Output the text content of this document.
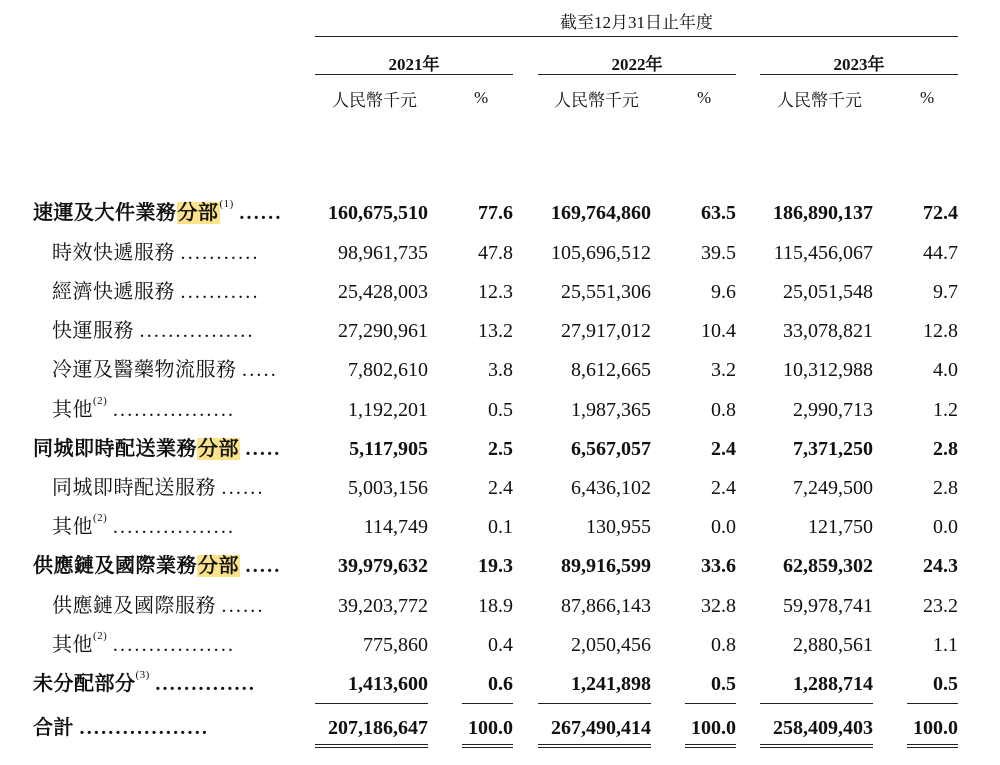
截至12月31日止年度
2021年	2022年	2023年
人民幣千元	%	人民幣千元	%	人民幣千元	%
速運及大件業務分部$^{(1)}$ ......	160,675,510	77.6	169,764,860	63.5	186,890,137	72.4
時效快遞服務 ...........	98,961,735	47.8	105,696,512	39.5	115,456,067	44.7
經濟快遞服務 ...........	25,428,003	12.3	25,551,306	9.6	25,051,548	9.7
快運服務 ................	27,290,961	13.2	27,917,012	10.4	33,078,821	12.8
冷運及醫藥物流服務 .....	7,802,610	3.8	8,612,665	3.2	10,312,988	4.0
其他$^{(2)}$ .................	1,192,201	0.5	1,987,365	0.8	2,990,713	1.2
同城即時配送業務分部 .....	5,117,905	2.5	6,567,057	2.4	7,371,250	2.8
同城即時配送服務 ......	5,003,156	2.4	6,436,102	2.4	7,249,500	2.8
其他$^{(2)}$ .................	114,749	0.1	130,955	0.0	121,750	0.0
供應鏈及國際業務分部 .....	39,979,632	19.3	89,916,599	33.6	62,859,302	24.3
供應鏈及國際服務 ......	39,203,772	18.9	87,866,143	32.8	59,978,741	23.2
其他$^{(2)}$ .................	775,860	0.4	2,050,456	0.8	2,880,561	1.1
未分配部分$^{(3)}$ ..............	1,413,600	0.6	1,241,898	0.5	1,288,714	0.5
合計 ..................	207,186,647	100.0	267,490,414	100.0	258,409,403	100.0
